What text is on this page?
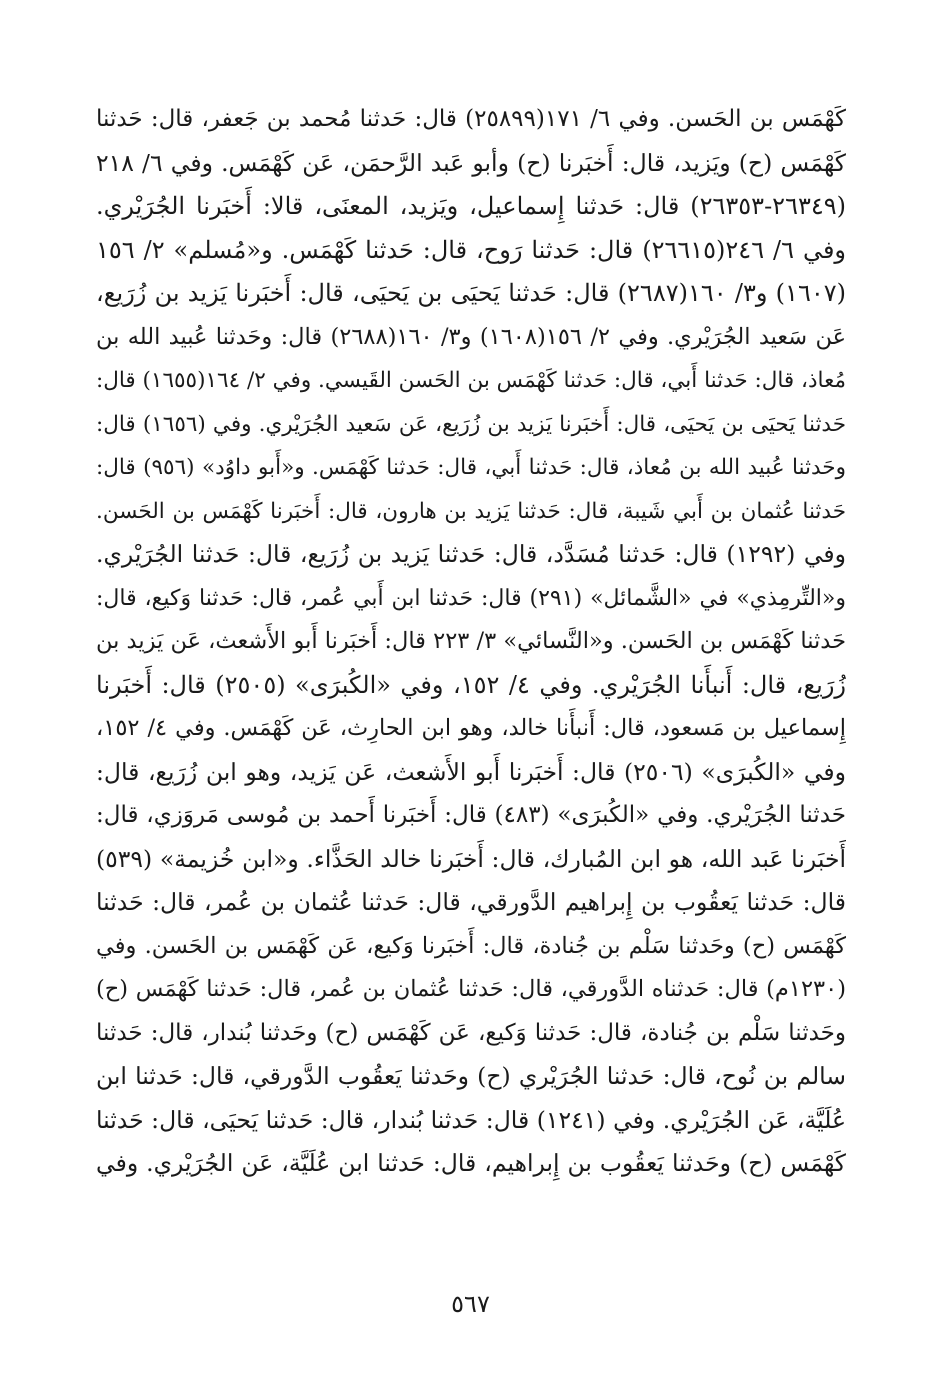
كَهْمَس بن الحَسن. وفي ٦/ ١٧١(٢٥٨٩٩) قال: حَدثنا مُحمد بن جَعفر، قال: حَدثنا
كَهْمَس (ح) ويَزيد، قال: أَخبَرنا (ح) وأبو عَبد الرَّحمَن، عَن كَهْمَس. وفي ٦/ ٢١٨
(٢٦٣٤٩-٢٦٣٥٣) قال: حَدثنا إِسماعيل، ويَزيد، المعنَى، قالا: أَخبَرنا الجُرَيْري.
وفي ٦/ ٢٤٦(٢٦٦١٥) قال: حَدثنا رَوح، قال: حَدثنا كَهْمَس. و«مُسلم» ٢/ ١٥٦
(١٦٠٧) و٣/ ١٦٠(٢٦٨٧) قال: حَدثنا يَحيَى بن يَحيَى، قال: أَخبَرنا يَزيد بن زُرَيع،
عَن سَعيد الجُرَيْري. وفي ٢/ ١٥٦(١٦٠٨) و٣/ ١٦٠(٢٦٨٨) قال: وحَدثنا عُبيد الله بن
مُعاذ، قال: حَدثنا أَبي، قال: حَدثنا كَهْمَس بن الحَسن القَيسي. وفي ٢/ ١٦٤(١٦٥٥) قال:
حَدثنا يَحيَى بن يَحيَى، قال: أَخبَرنا يَزيد بن زُرَيع، عَن سَعيد الجُرَيْري. وفي (١٦٥٦) قال:
وحَدثنا عُبيد الله بن مُعاذ، قال: حَدثنا أَبي، قال: حَدثنا كَهْمَس. و«أَبو داوُد» (٩٥٦) قال:
حَدثنا عُثمان بن أَبي شَيبة، قال: حَدثنا يَزيد بن هارون، قال: أَخبَرنا كَهْمَس بن الحَسن.
وفي (١٢٩٢) قال: حَدثنا مُسَدَّد، قال: حَدثنا يَزيد بن زُرَيع، قال: حَدثنا الجُرَيْري.
و«التِّرمِذي» في «الشَّمائل» (٢٩١) قال: حَدثنا ابن أَبي عُمر، قال: حَدثنا وَكيع، قال:
حَدثنا كَهْمَس بن الحَسن. و«النَّسائي» ٣/ ٢٢٣ قال: أَخبَرنا أَبو الأَشعث، عَن يَزيد بن
زُرَيع، قال: أَنبأَنا الجُرَيْري. وفي ٤/ ١٥٢، وفي «الكُبرَى» (٢٥٠٥) قال: أَخبَرنا
إِسماعيل بن مَسعود، قال: أَنبأَنا خالد، وهو ابن الحارِث، عَن كَهْمَس. وفي ٤/ ١٥٢،
وفي «الكُبرَى» (٢٥٠٦) قال: أَخبَرنا أَبو الأَشعث، عَن يَزيد، وهو ابن زُرَيع، قال:
حَدثنا الجُرَيْري. وفي «الكُبرَى» (٤٨٣) قال: أَخبَرنا أَحمد بن مُوسى مَروَزي، قال:
أَخبَرنا عَبد الله، هو ابن المُبارك، قال: أَخبَرنا خالد الحَذَّاء. و«ابن خُزيمة» (٥٣٩)
قال: حَدثنا يَعقُوب بن إِبراهيم الدَّورقي، قال: حَدثنا عُثمان بن عُمر، قال: حَدثنا
كَهْمَس (ح) وحَدثنا سَلْم بن جُنادة، قال: أَخبَرنا وَكيع، عَن كَهْمَس بن الحَسن. وفي
(١٢٣٠م) قال: حَدثناه الدَّورقي، قال: حَدثنا عُثمان بن عُمر، قال: حَدثنا كَهْمَس (ح)
وحَدثنا سَلْم بن جُنادة، قال: حَدثنا وَكيع، عَن كَهْمَس (ح) وحَدثنا بُندار، قال: حَدثنا
سالم بن نُوح، قال: حَدثنا الجُرَيْري (ح) وحَدثنا يَعقُوب الدَّورقي، قال: حَدثنا ابن
عُلَيَّة، عَن الجُرَيْري. وفي (١٢٤١) قال: حَدثنا بُندار، قال: حَدثنا يَحيَى، قال: حَدثنا
كَهْمَس (ح) وحَدثنا يَعقُوب بن إِبراهيم، قال: حَدثنا ابن عُلَيَّة، عَن الجُرَيْري. وفي
٥٦٧
